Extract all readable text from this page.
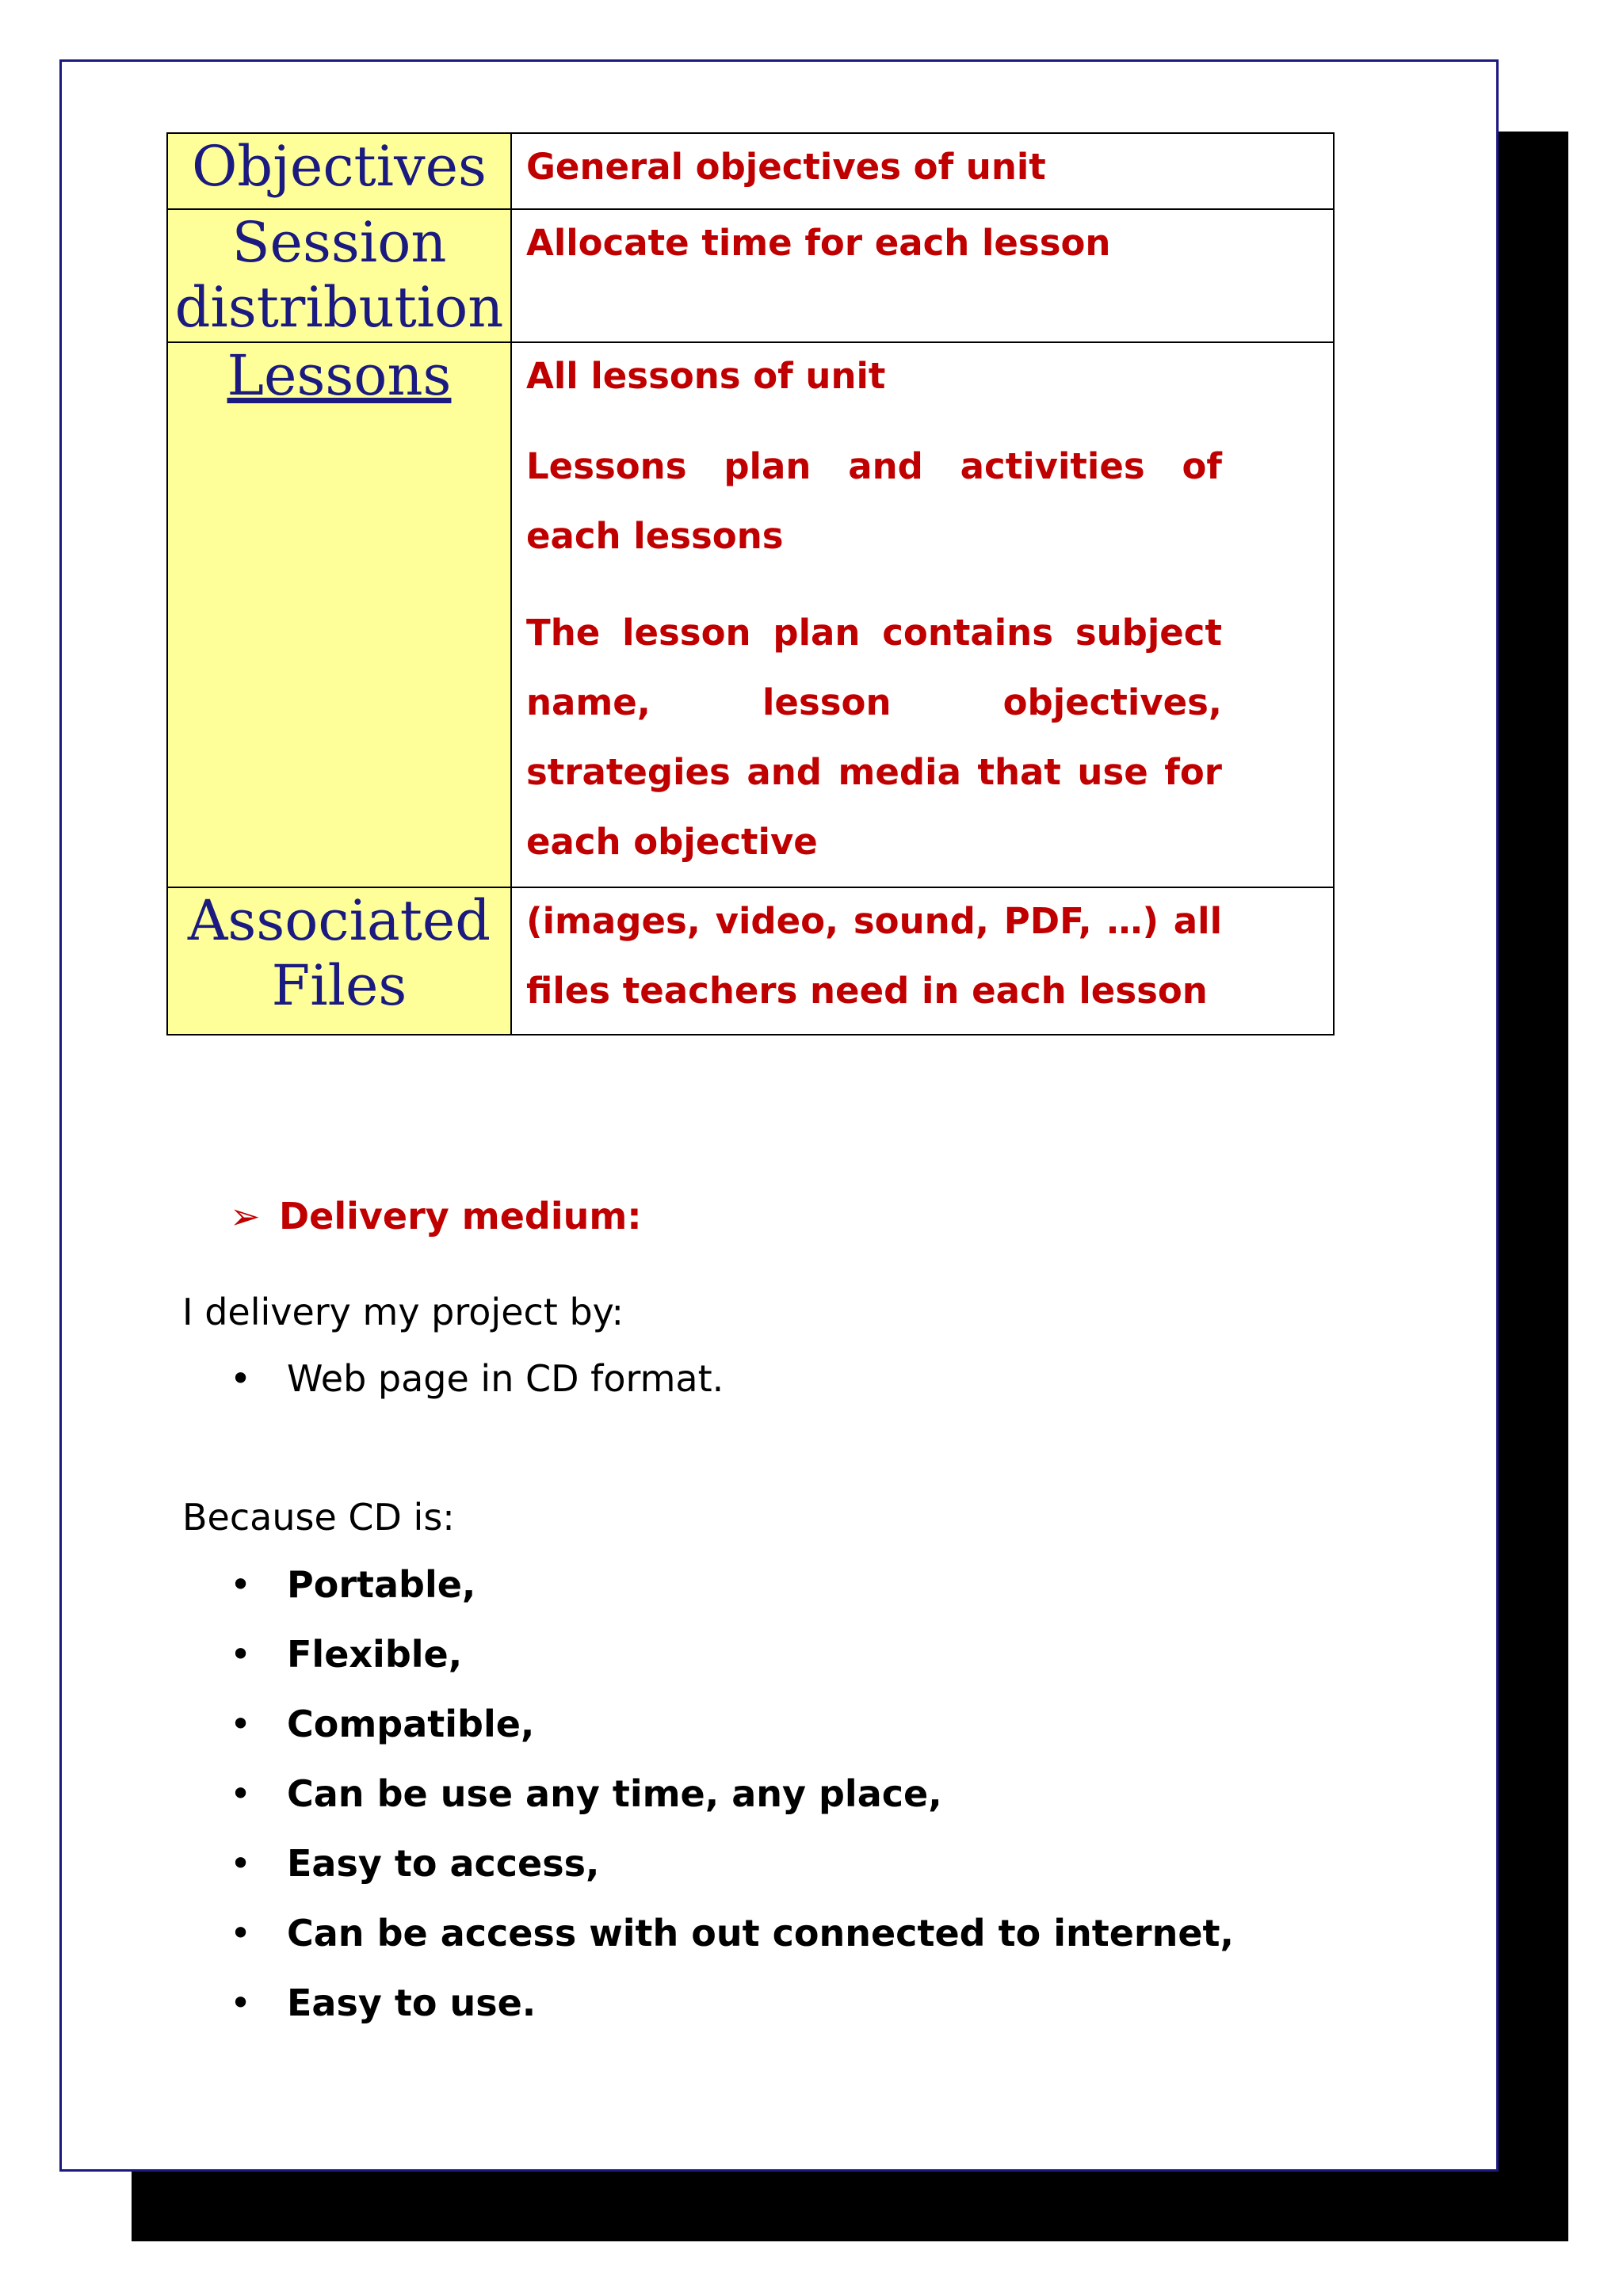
Objectives	General objectives of unit

Session distribution	Allocate time for each lesson

Lessons	All lessons of unit

Lessons plan and activities of each lessons

The lesson plan contains subject name, lesson objectives, strategies and media that use for each objective

Associated Files	(images, video, sound, PDF, …) all files teachers need in each lesson

➢ Delivery medium:
I delivery my project by:
• Web page in CD format.
Because CD is:
• Portable,
• Flexible,
• Compatible,
• Can be use any time, any place,
• Easy to access,
• Can be access with out connected to internet,
• Easy to use.
